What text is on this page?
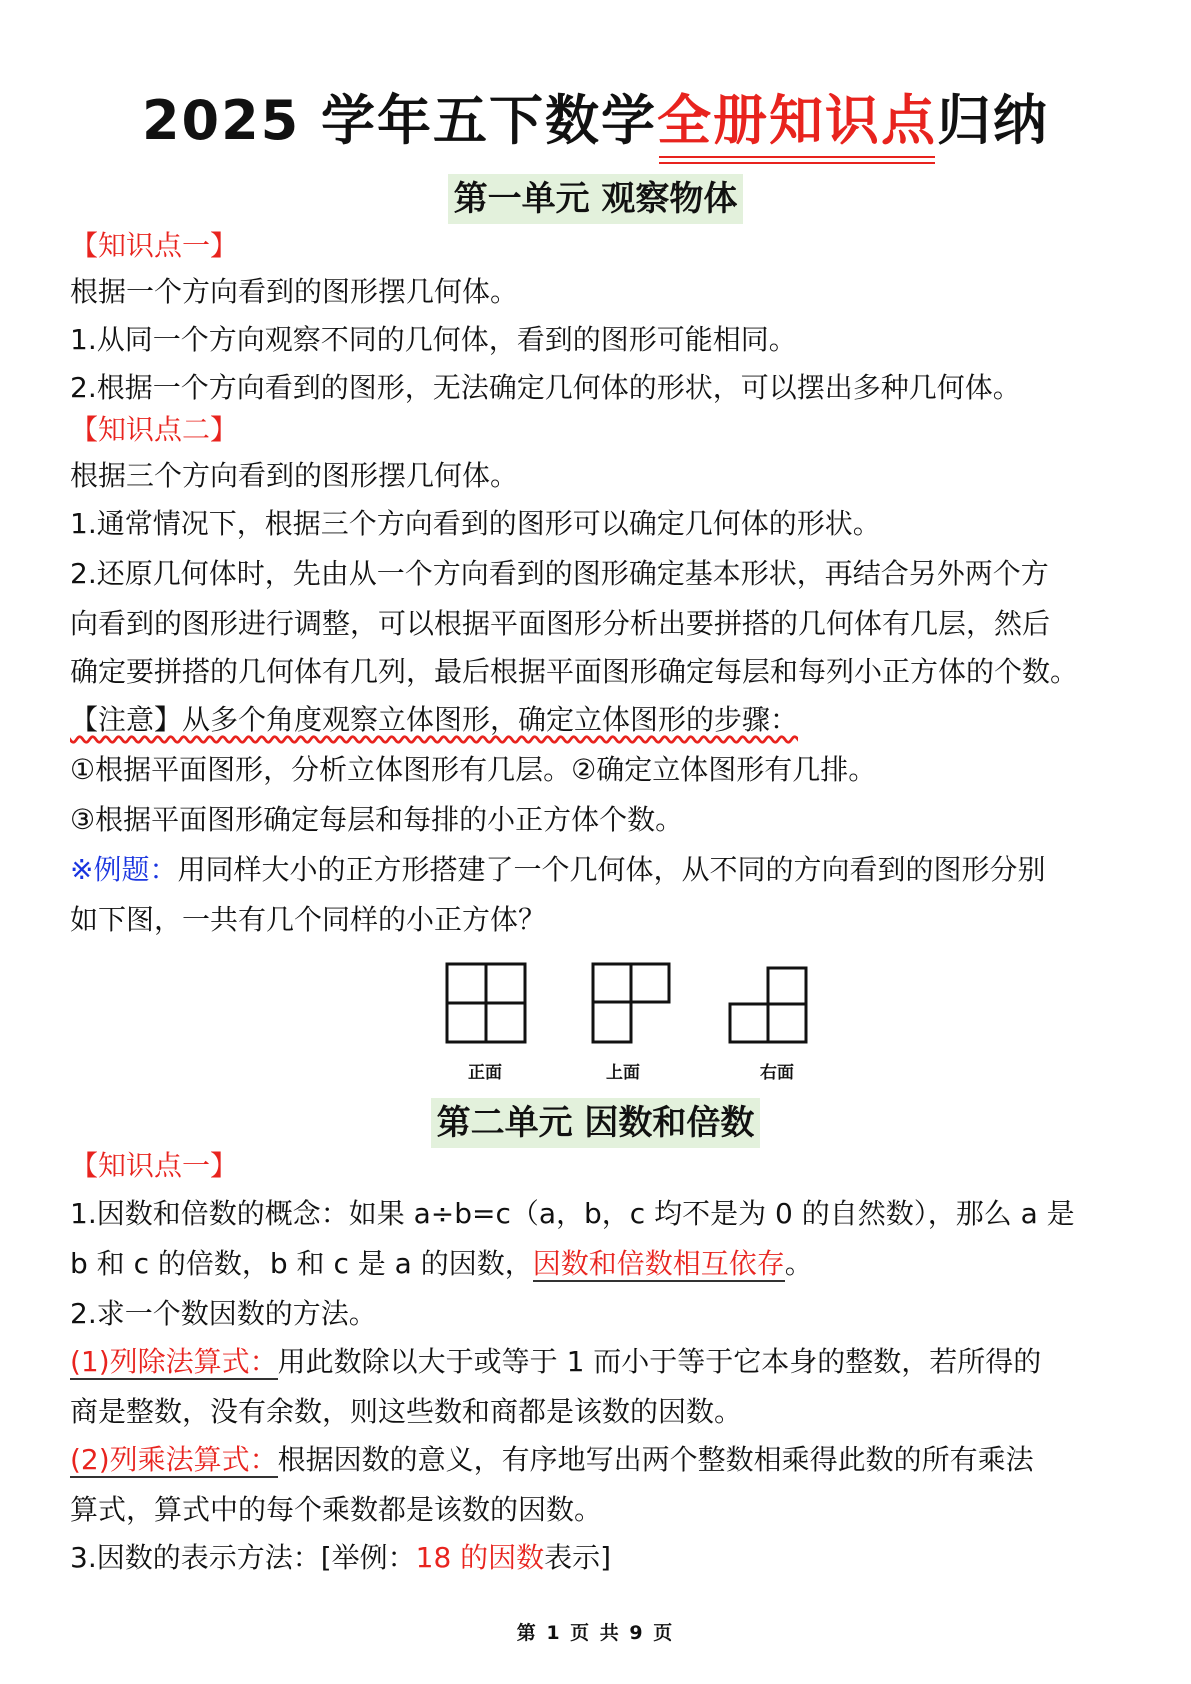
2025 学年五下数学全册知识点
归纳
第一单元 观察物体
【知识点一】
根据一个方向看到的图形摆几何体。
1.从同一个方向观察不同的几何体，看到的图形可能相同。
2.根据一个方向看到的图形，无法确定几何体的形状，可以摆出多种几何体。
【知识点二】
根据三个方向看到的图形摆几何体。
1.通常情况下，根据三个方向看到的图形可以确定几何体的形状。
2.还原几何体时，先由从一个方向看到的图形确定基本形状，再结合另外两个方
向看到的图形进行调整，可以根据平面图形分析出要拼搭的几何体有几层，然后
确定要拼搭的几何体有几列，最后根据平面图形确定每层和每列小正方体的个数。
【注意】从多个角度观察立体图形，确定立体图形的步骤：
①根据平面图形，分析立体图形有几层。②确定立体图形有几排。
③根据平面图形确定每层和每排的小正方体个数。
※例题：用同样大小的正方形搭建了一个几何体，从不同的方向看到的图形分别
如下图，一共有几个同样的小正方体？
正面	上面	右面
第二单元 因数和倍数
【知识点一】
1.因数和倍数的概念：如果 a÷b=c（a，b，c 均不是为 0 的自然数），那么 a 是
b 和 c 的倍数，b 和 c 是 a 的因数，因数和倍数相互依存。
2.求一个数因数的方法。
(1)列除法算式：用此数除以大于或等于 1 而小于等于它本身的整数，若所得的
商是整数，没有余数，则这些数和商都是该数的因数。
(2)列乘法算式：根据因数的意义，有序地写出两个整数相乘得此数的所有乘法
算式，算式中的每个乘数都是该数的因数。
3.因数的表示方法：[举例：18 的因数表示]
第 1 页 共 9 页
